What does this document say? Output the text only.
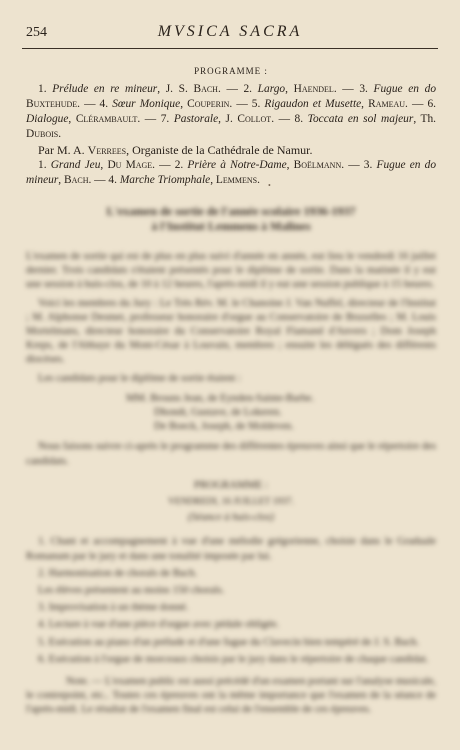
254	MVSICA SACRA
PROGRAMME :

1. Prélude en re mineur, J. S. Bach. — 2. Largo, Haendel. — 3. Fugue en do Buxtehude. — 4. Sœur Monique, Couperin. — 5. Rigaudon et Musette, Rameau. — 6. Dialogue, Clérambault. — 7. Pastorale, J. Collot. — 8. Toccata en sol majeur, Th. Dubois.

Par M. A. Verrees, Organiste de la Cathédrale de Namur.

1. Grand Jeu, Du Mage. — 2. Prière à Notre-Dame, Boëlmann. — 3. Fugue en do mineur, Bach. — 4. Marche Triomphale, Lemmens.	•

L'examen de sortie de l'année scolaire 1936-1937

à l'Institut Lemmens à Malines

L'examen de sortie qui est de plus en plus suivi d'année en année, eut lieu le vendredi 16 juillet dernier. Trois candidats s'étaient présentés pour le diplôme de sortie. Dans la matinée il y eut une session à huis-clos, de 10 à 12 heures, l'après-midi il y eut une session publique à 15 heures.

Voici les membres du Jury : Le Très Rév. M. le Chanoine J. Van Nuffel, directeur de l'Institut ; M. Alphonse Desmet, professeur honoraire d'orgue au Conservatoire de Bruxelles ; M. Louis Mortelmans, directeur honoraire du Conservatoire Royal Flamand d'Anvers ; Dom Joseph Kreps, de l'Abbaye du Mont-César à Louvain, membres ; ensuite les délégués des différents diocèses.

Les candidats pour le diplôme de sortie étaient :

MM. Brouns Jean, de Eynden-Sainte-Barbe.
Dhondt, Gustave, de Lokeren.
De Boeck, Joseph, de Moldeven.

Nous faisons suivre ci-après le programme des différentes épreuves ainsi que le répertoire des candidats.

PROGRAMME :

VENDREDI, 16 JUILLET 1937.

(Séance à huis-clos)

1. Chant et accompagnement à vue d'une mélodie grégorienne, choisie dans le Graduale Romanum par le jury et dans une tonalité imposée par lui.

2. Harmonisation de chorals de Bach.

Les élèves présentent au moins 150 chorals.

3. Improvisation à un thème donné.

4. Lecture à vue d'une pièce d'orgue avec pédale obligée.

5. Exécution au piano d'un prélude et d'une fugue du Clavecin bien tempéré de J. S. Bach.

6. Exécution à l'orgue de morceaux choisis par le jury dans le répertoire de chaque candidat.

Note. — L'examen public est aussi précédé d'un examen portant sur l'analyse musicale, le contrepoint, etc.. Toutes ces épreuves ont la même importance que l'examen de la séance de l'après-midi. Le résultat de l'examen final est celui de l'ensemble de ces épreuves.
